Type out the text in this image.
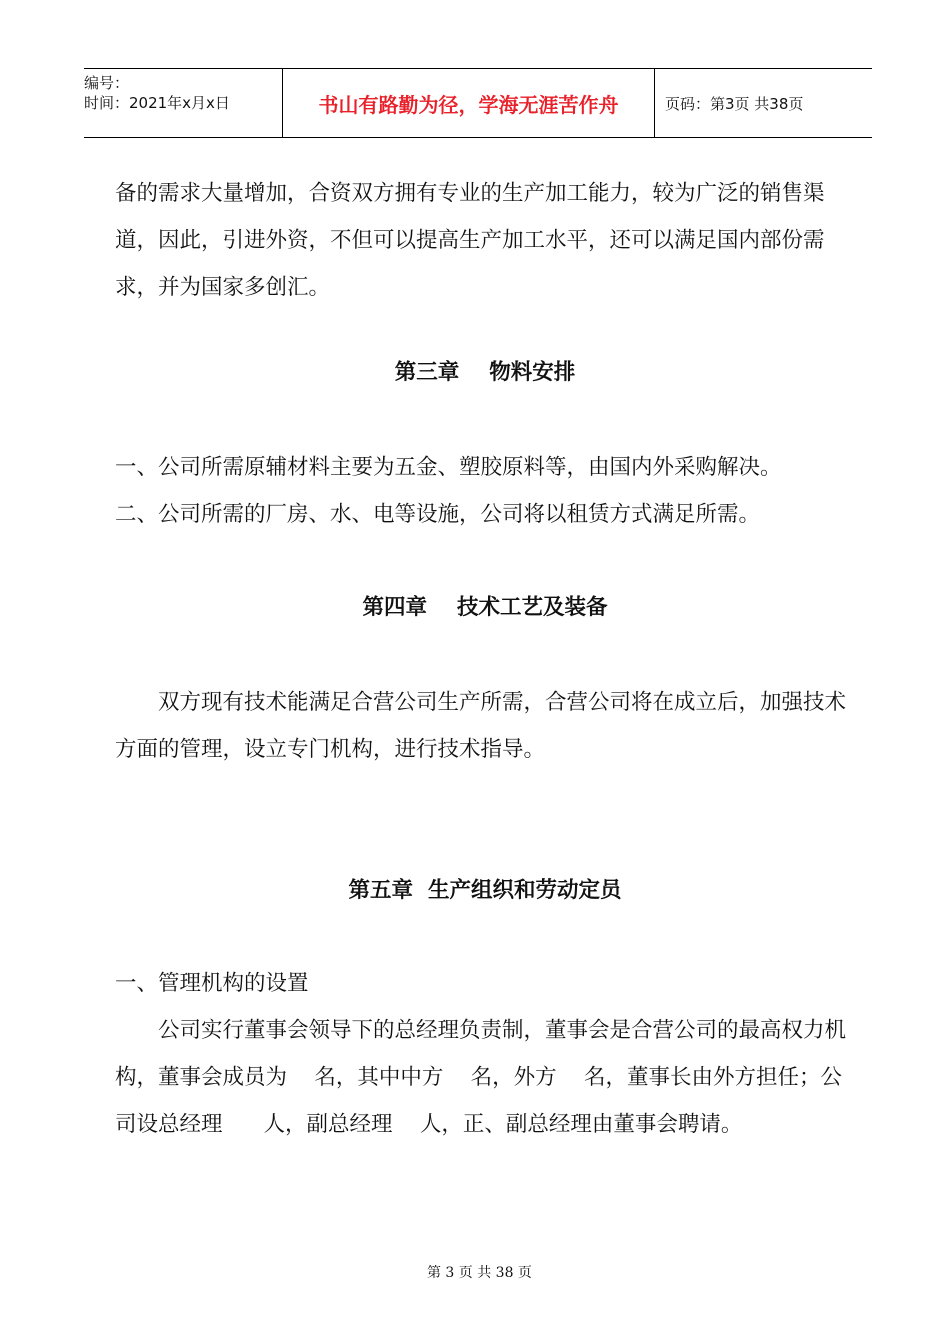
编号：
时间：2021年x月x日	书山有路勤为径，学海无涯苦作舟	页码：第3页 共38页

备的需求大量增加，合资双方拥有专业的生产加工能力，较为广泛的销售渠道，因此，引进外资，不但可以提高生产加工水平，还可以满足国内部份需求，并为国家多创汇。

第三章    物料安排

一、公司所需原辅材料主要为五金、塑胶原料等，由国内外采购解决。

二、公司所需的厂房、水、电等设施，公司将以租赁方式满足所需。

第四章    技术工艺及装备

双方现有技术能满足合营公司生产所需，合营公司将在成立后，加强技术方面的管理，设立专门机构，进行技术指导。

第五章  生产组织和劳动定员

一、管理机构的设置

公司实行董事会领导下的总经理负责制，董事会是合营公司的最高权力机构，董事会成员为    名，其中中方    名，外方    名，董事长由外方担任；公司设总经理      人，副总经理    人，正、副总经理由董事会聘请。

第 3 页 共 38 页
